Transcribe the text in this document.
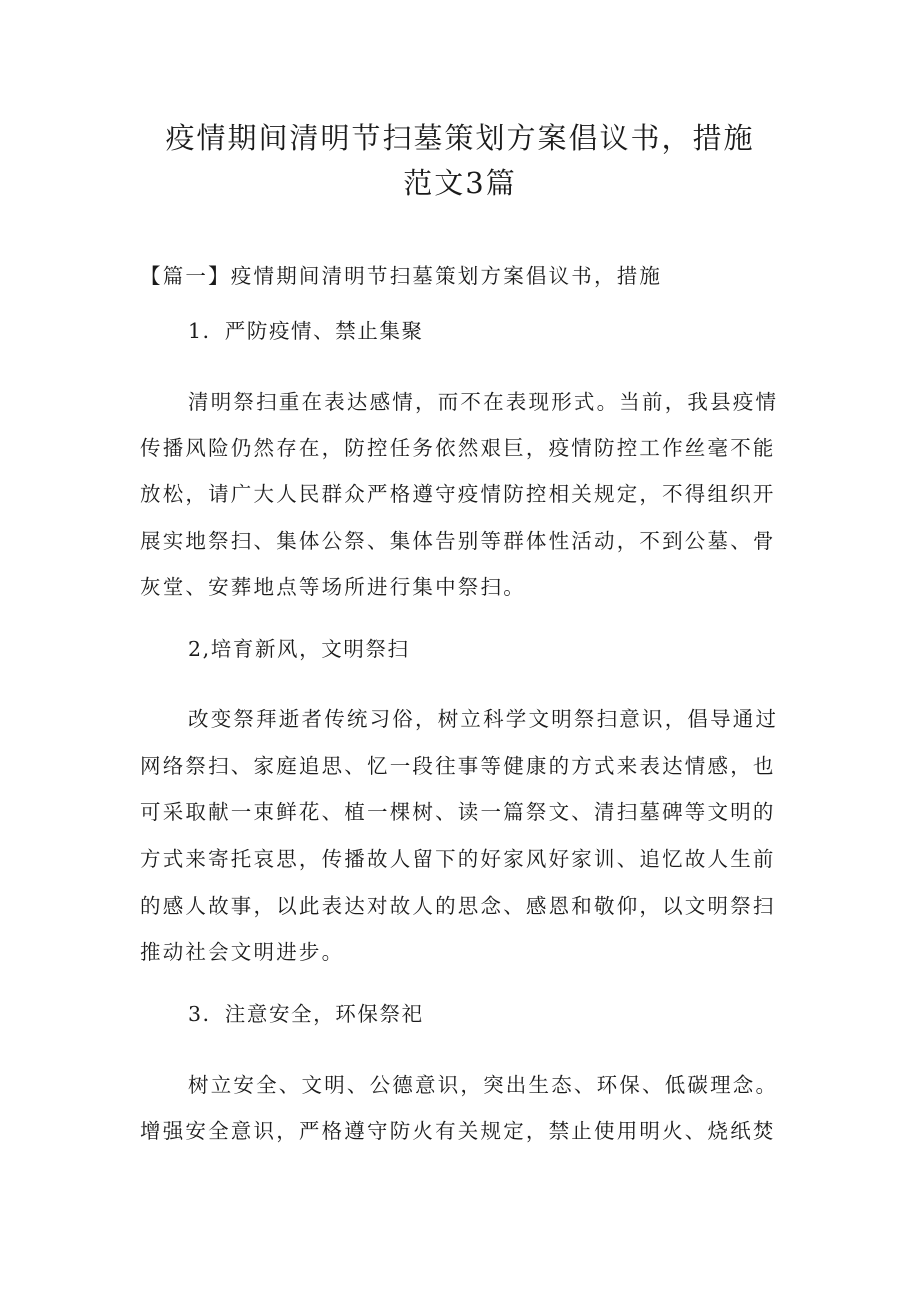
疫情期间清明节扫墓策划方案倡议书，措施
范文3篇

【篇一】疫情期间清明节扫墓策划方案倡议书，措施

1．严防疫情、禁止集聚

清明祭扫重在表达感情，而不在表现形式。当前，我县疫情

传播风险仍然存在，防控任务依然艰巨，疫情防控工作丝毫不能

放松，请广大人民群众严格遵守疫情防控相关规定，不得组织开

展实地祭扫、集体公祭、集体告别等群体性活动，不到公墓、骨

灰堂、安葬地点等场所进行集中祭扫。

2,培育新风，文明祭扫

改变祭拜逝者传统习俗，树立科学文明祭扫意识，倡导通过

网络祭扫、家庭追思、忆一段往事等健康的方式来表达情感，也

可采取献一束鲜花、植一棵树、读一篇祭文、清扫墓碑等文明的

方式来寄托哀思，传播故人留下的好家风好家训、追忆故人生前

的感人故事，以此表达对故人的思念、感恩和敬仰，以文明祭扫

推动社会文明进步。

3．注意安全，环保祭祀

树立安全、文明、公德意识，突出生态、环保、低碳理念。

增强安全意识，严格遵守防火有关规定，禁止使用明火、烧纸焚
